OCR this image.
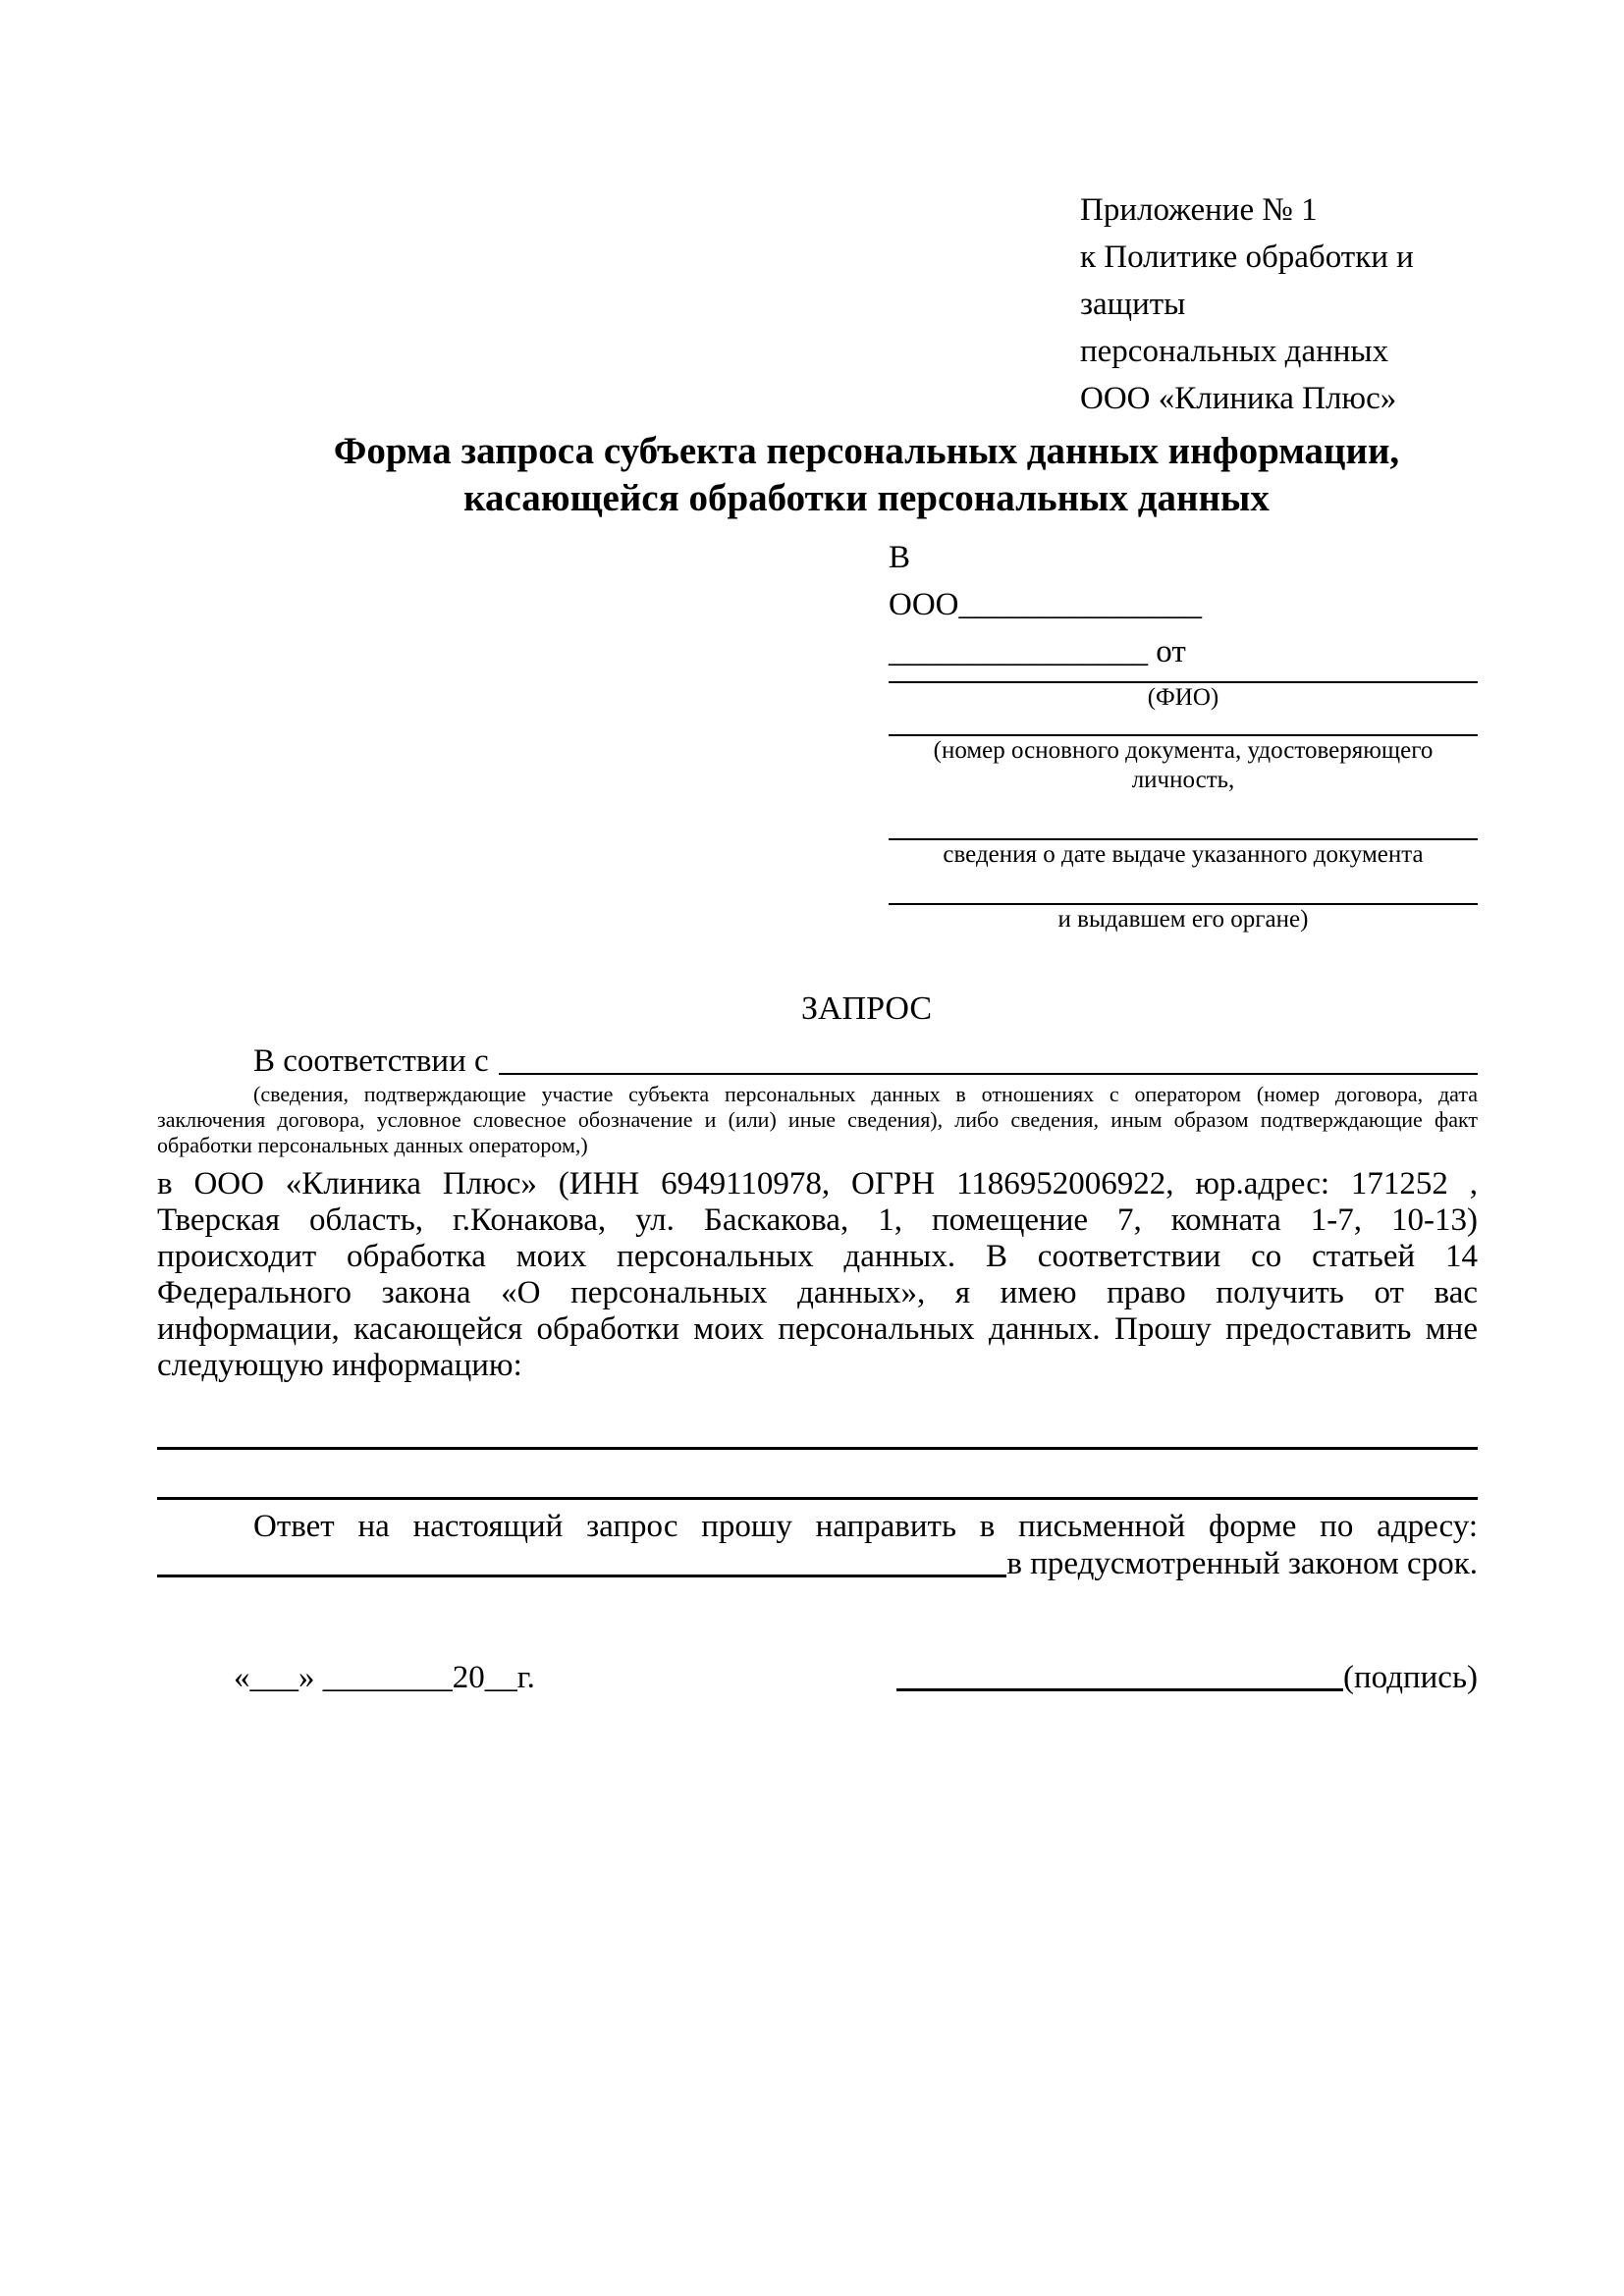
Приложение № 1
к Политике обработки и защиты
персональных данных
ООО «Клиника Плюс»
Форма запроса субъекта персональных данных информации,
касающейся обработки персональных данных
В
ООО_______________
________________ от
(ФИО)
(номер основного документа, удостоверяющего личность,
сведения о дате выдаче указанного документа
и выдавшем его органе)
ЗАПРОС
В соответствии с
(сведения, подтверждающие участие субъекта персональных данных в отношениях с оператором (номер договора, дата
заключения договора, условное словесное обозначение и (или) иные сведения), либо сведения, иным образом подтверждающие факт
обработки персональных данных оператором,)
в ООО «Клиника Плюс» (ИНН 6949110978, ОГРН 1186952006922, юр.адрес: 171252 ,
Тверская область, г.Конакова, ул. Баскакова, 1, помещение 7, комната 1-7, 10-13)
происходит обработка моих персональных данных. В соответствии со статьей 14
Федерального закона «О персональных данных», я имею право получить от вас
информации, касающейся обработки моих персональных данных. Прошу предоставить мне
следующую информацию:
Ответ на настоящий запрос прошу направить в письменной форме по адресу:
в предусмотренный законом срок.
«___» ________20__г.	(подпись)
